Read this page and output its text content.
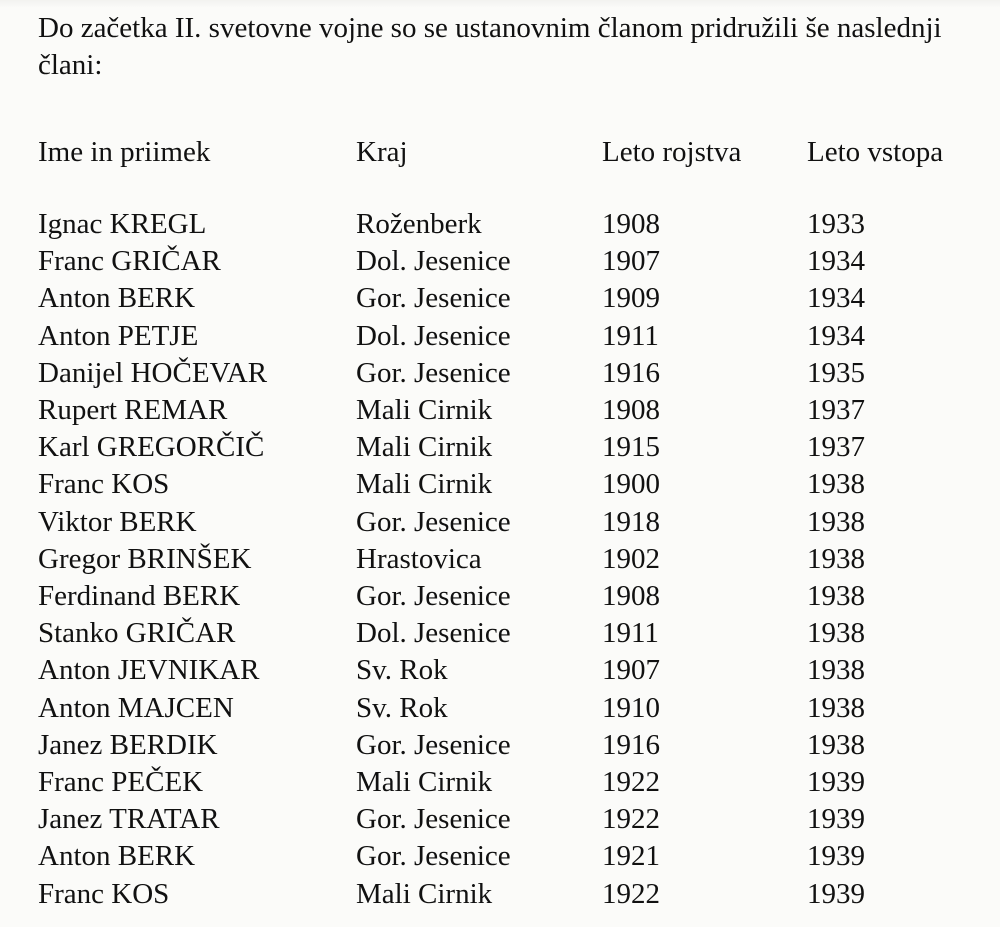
Do začetka II. svetovne vojne so se ustanovnim članom pridružili še naslednji člani:

Ime in priimek	Kraj	Leto rojstva	Leto vstopa
Ignac KREGL	Roženberk	1908	1933
Franc GRIČAR	Dol. Jesenice	1907	1934
Anton BERK	Gor. Jesenice	1909	1934
Anton PETJE	Dol. Jesenice	1911	1934
Danijel HOČEVAR	Gor. Jesenice	1916	1935
Rupert REMAR	Mali Cirnik	1908	1937
Karl GREGORČIČ	Mali Cirnik	1915	1937
Franc KOS	Mali Cirnik	1900	1938
Viktor BERK	Gor. Jesenice	1918	1938
Gregor BRINŠEK	Hrastovica	1902	1938
Ferdinand BERK	Gor. Jesenice	1908	1938
Stanko GRIČAR	Dol. Jesenice	1911	1938
Anton JEVNIKAR	Sv. Rok	1907	1938
Anton MAJCEN	Sv. Rok	1910	1938
Janez BERDIK	Gor. Jesenice	1916	1938
Franc PEČEK	Mali Cirnik	1922	1939
Janez TRATAR	Gor. Jesenice	1922	1939
Anton BERK	Gor. Jesenice	1921	1939
Franc KOS	Mali Cirnik	1922	1939
